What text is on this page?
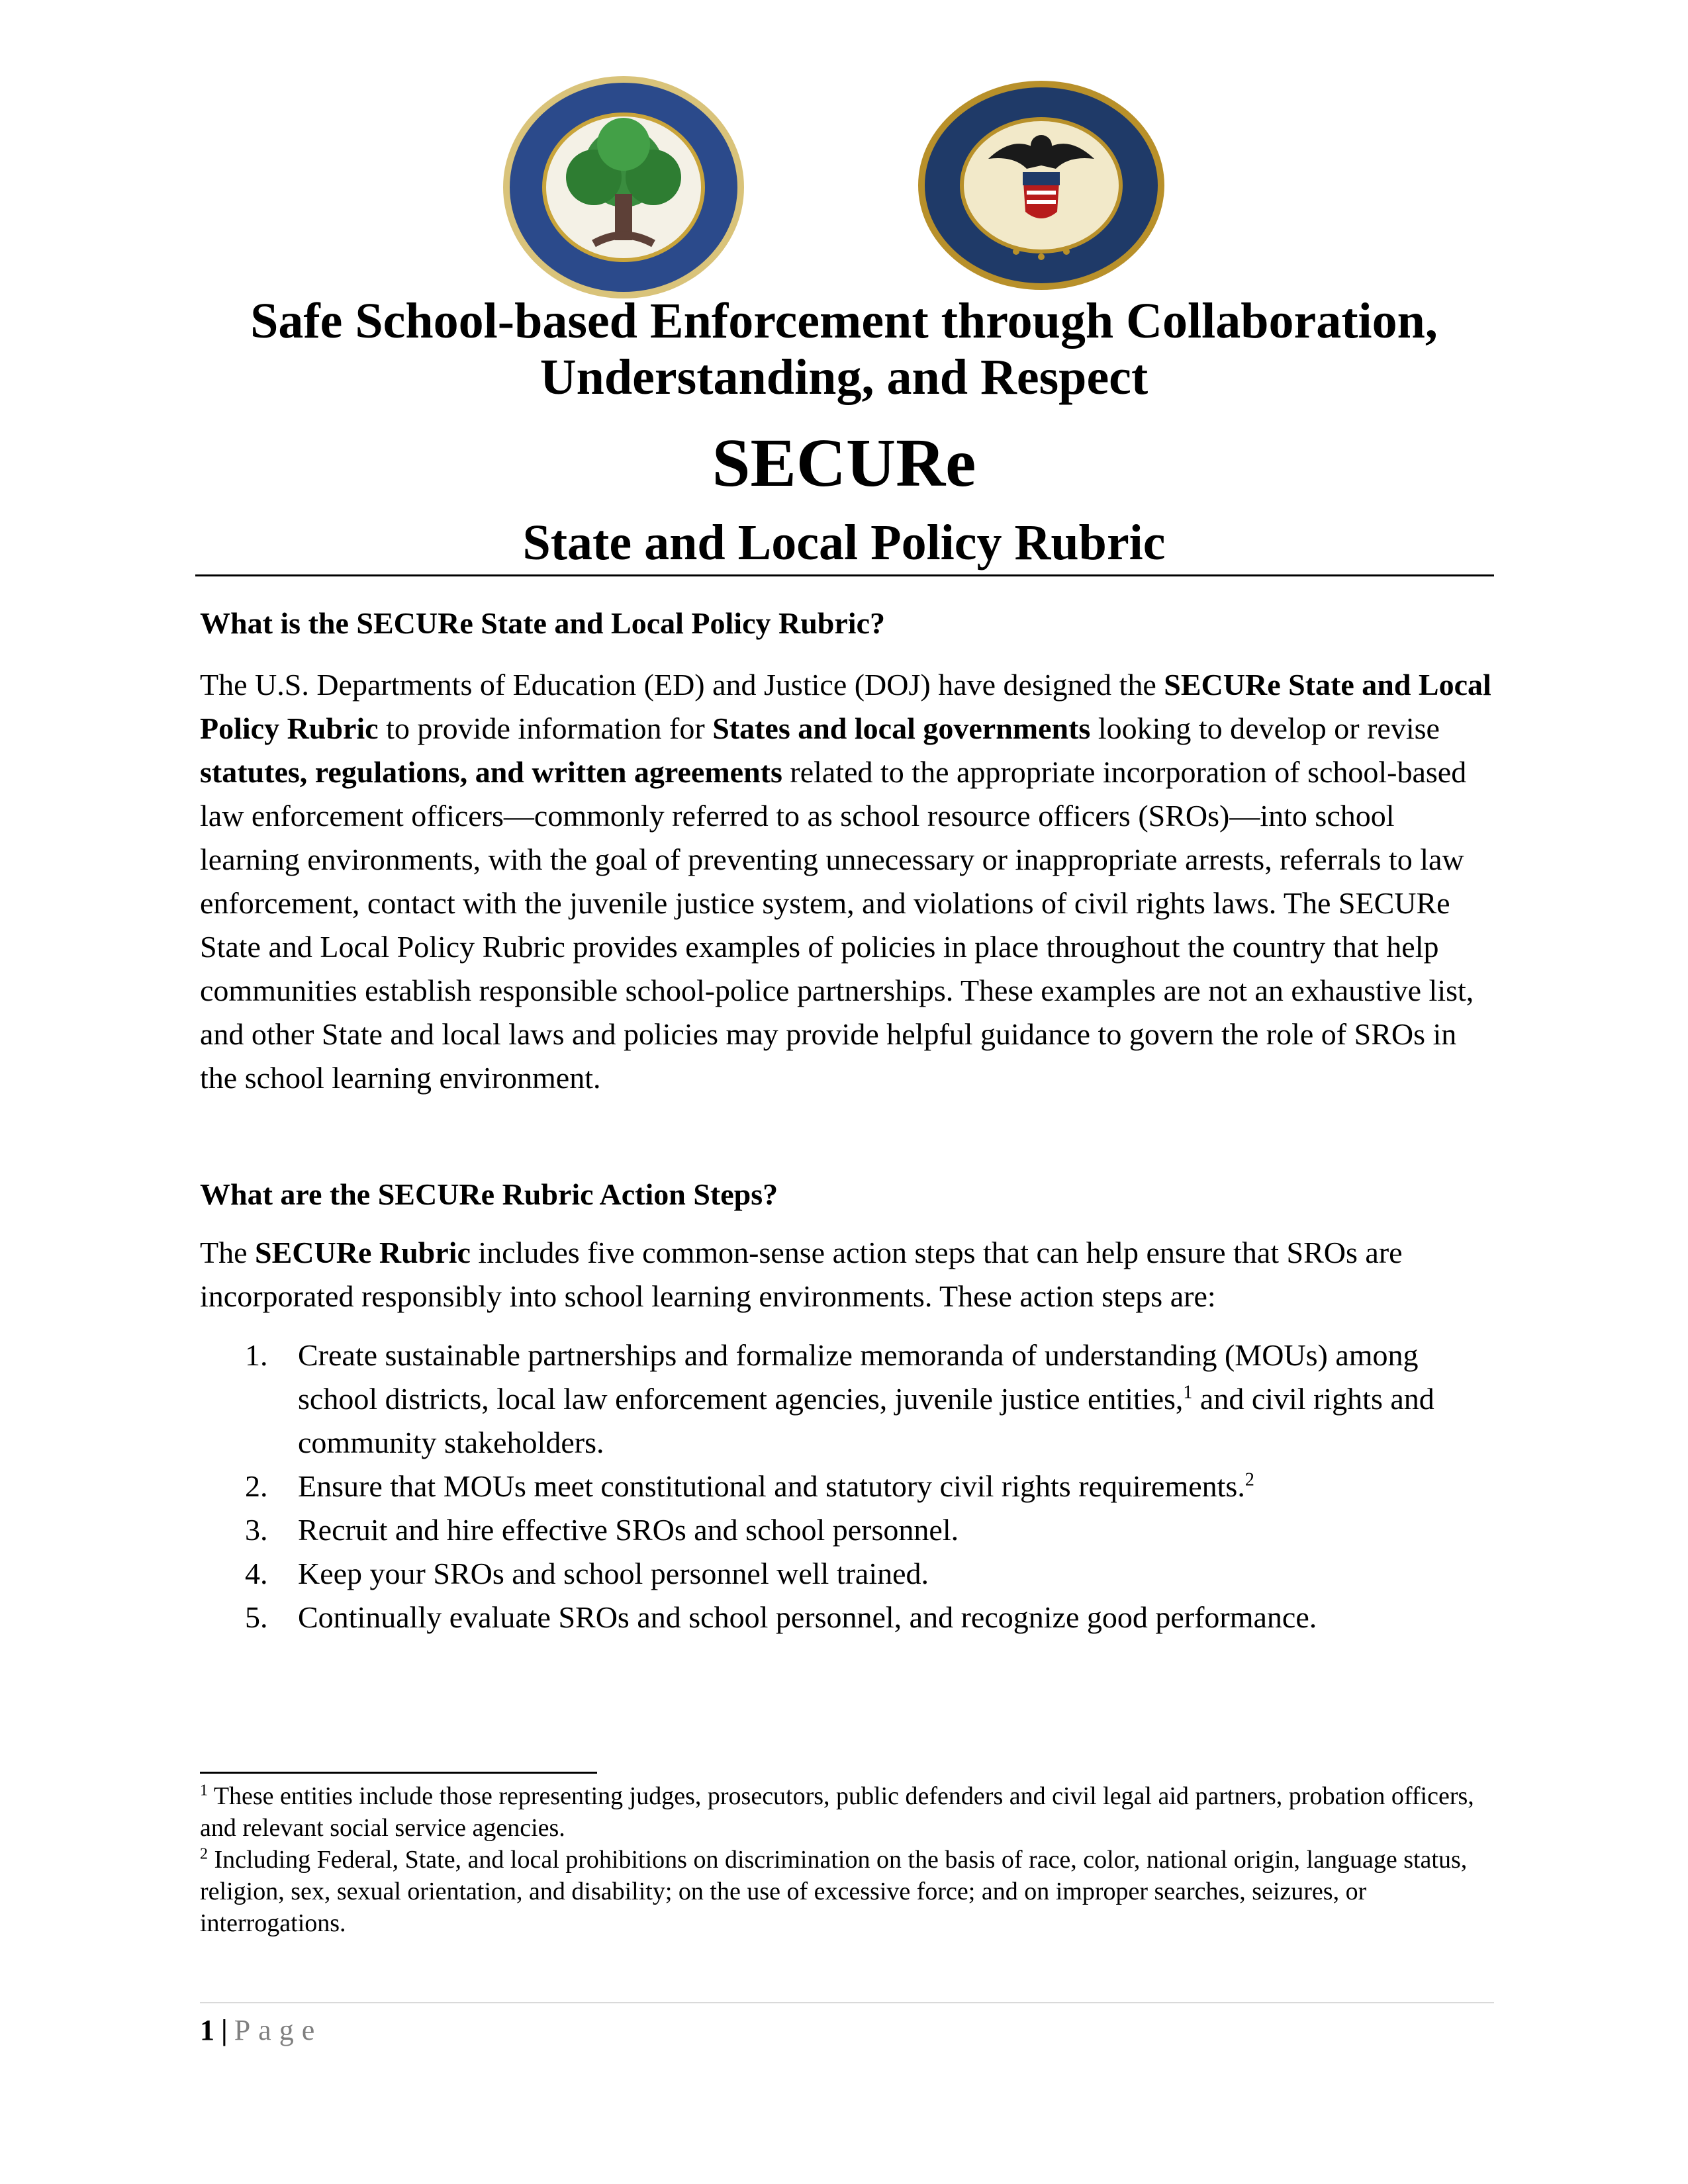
Safe School-based Enforcement through Collaboration,
Understanding, and Respect
SECURe
State and Local Policy Rubric
What is the SECURe State and Local Policy Rubric?
The U.S. Departments of Education (ED) and Justice (DOJ) have designed the SECURe State and Local Policy Rubric to provide information for States and local governments looking to develop or revise statutes, regulations, and written agreements related to the appropriate incorporation of school-based law enforcement officers—commonly referred to as school resource officers (SROs)—into school learning environments, with the goal of preventing unnecessary or inappropriate arrests, referrals to law enforcement, contact with the juvenile justice system, and violations of civil rights laws. The SECURe State and Local Policy Rubric provides examples of policies in place throughout the country that help communities establish responsible school-police partnerships. These examples are not an exhaustive list, and other State and local laws and policies may provide helpful guidance to govern the role of SROs in the school learning environment.
What are the SECURe Rubric Action Steps?
The SECURe Rubric includes five common-sense action steps that can help ensure that SROs are incorporated responsibly into school learning environments. These action steps are:
1. Create sustainable partnerships and formalize memoranda of understanding (MOUs) among school districts, local law enforcement agencies, juvenile justice entities,$^1$ and civil rights and community stakeholders.
2. Ensure that MOUs meet constitutional and statutory civil rights requirements.$^2$
3. Recruit and hire effective SROs and school personnel.
4. Keep your SROs and school personnel well trained.
5. Continually evaluate SROs and school personnel, and recognize good performance.

$^1$ These entities include those representing judges, prosecutors, public defenders and civil legal aid partners, probation officers, and relevant social service agencies.

$^2$ Including Federal, State, and local prohibitions on discrimination on the basis of race, color, national origin, language status, religion, sex, sexual orientation, and disability; on the use of excessive force; and on improper searches, seizures, or interrogations.

1 | Page
